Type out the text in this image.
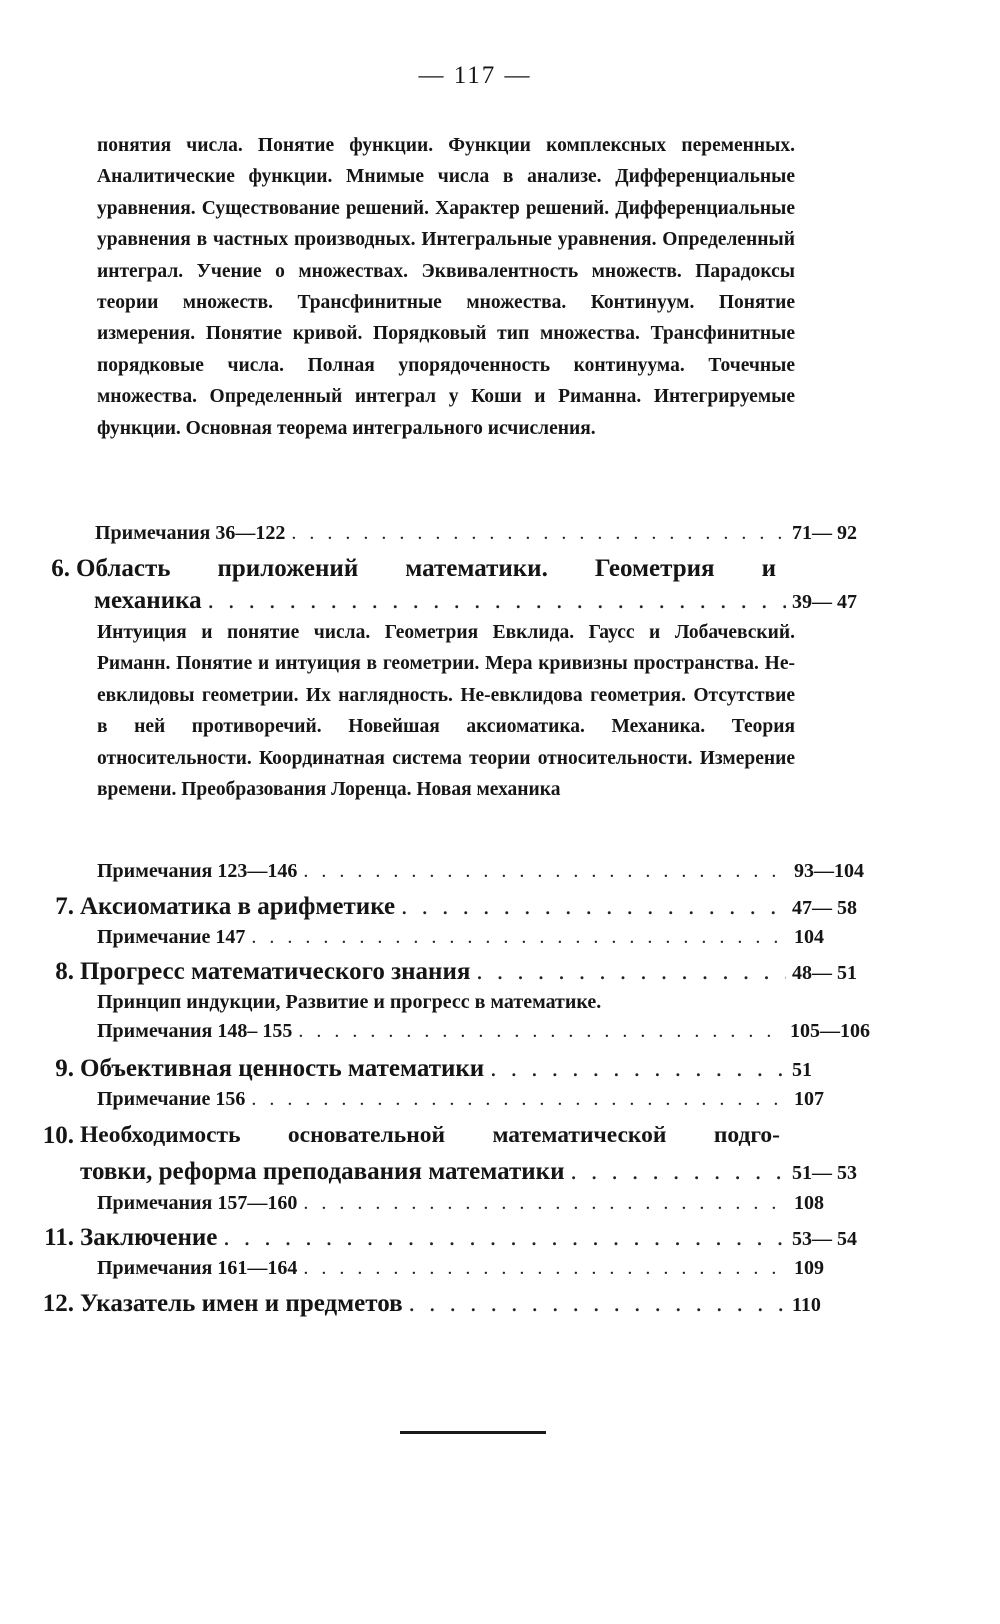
— 117 —
понятия числа. Понятие функции. Функции комплексных переменных. Аналитические функции. Мнимые числа в анализе. Дифференциальные уравнения. Существование решений. Характер решений. Дифференциальные уравнения в частных производных. Интегральные уравнения. Определенный интеграл. Учение о множествах. Эквивалентность множеств. Парадоксы теории множеств. Трансфинитные множества. Континуум. Понятие измерения. Понятие кривой. Порядковый тип множества. Трансфинитные порядковые числа. Полная упорядоченность континуума. Точечные множества. Определенный интеграл у Коши и Риманна. Интегрируемые функции. Основная теорема интегрального исчисления.
Примечания 36—122 . . .	71— 92
6. Область приложений математики. Геометрия и
механика . . .	39— 47
Интуиция и понятие числа. Геометрия Евклида. Гаусс и Лобачевский. Риманн. Понятие и интуиция в геометрии. Мера кривизны пространства. Не-евклидовы геометрии. Их наглядность. Не-евклидова геометрия. Отсутствие в ней противоречий. Новейшая аксиоматика. Механика. Теория относительности. Координатная система теории относительности. Измерение времени. Преобразования Лоренца. Новая механика
Примечания 123—146 . . .	93—104
7. Аксиоматика в арифметике . . .	47— 58
Примечание 147 . . .	104
8. Прогресс математического знания . . .	48— 51
Принцип индукции, Развитие и прогресс в математике.
Примечания 148– 155 . . .	105—106
9. Объективная ценность математики . . .	51
Примечание 156 . . .	107
10. Необходимость основательной математической подго-
товки, реформа преподавания математики . . .	51— 53
Примечания 157—160 . . .	108
11. Заключение . . .	53— 54
Примечания 161—164 . . .	109
12. Указатель имен и предметов . . .	110
